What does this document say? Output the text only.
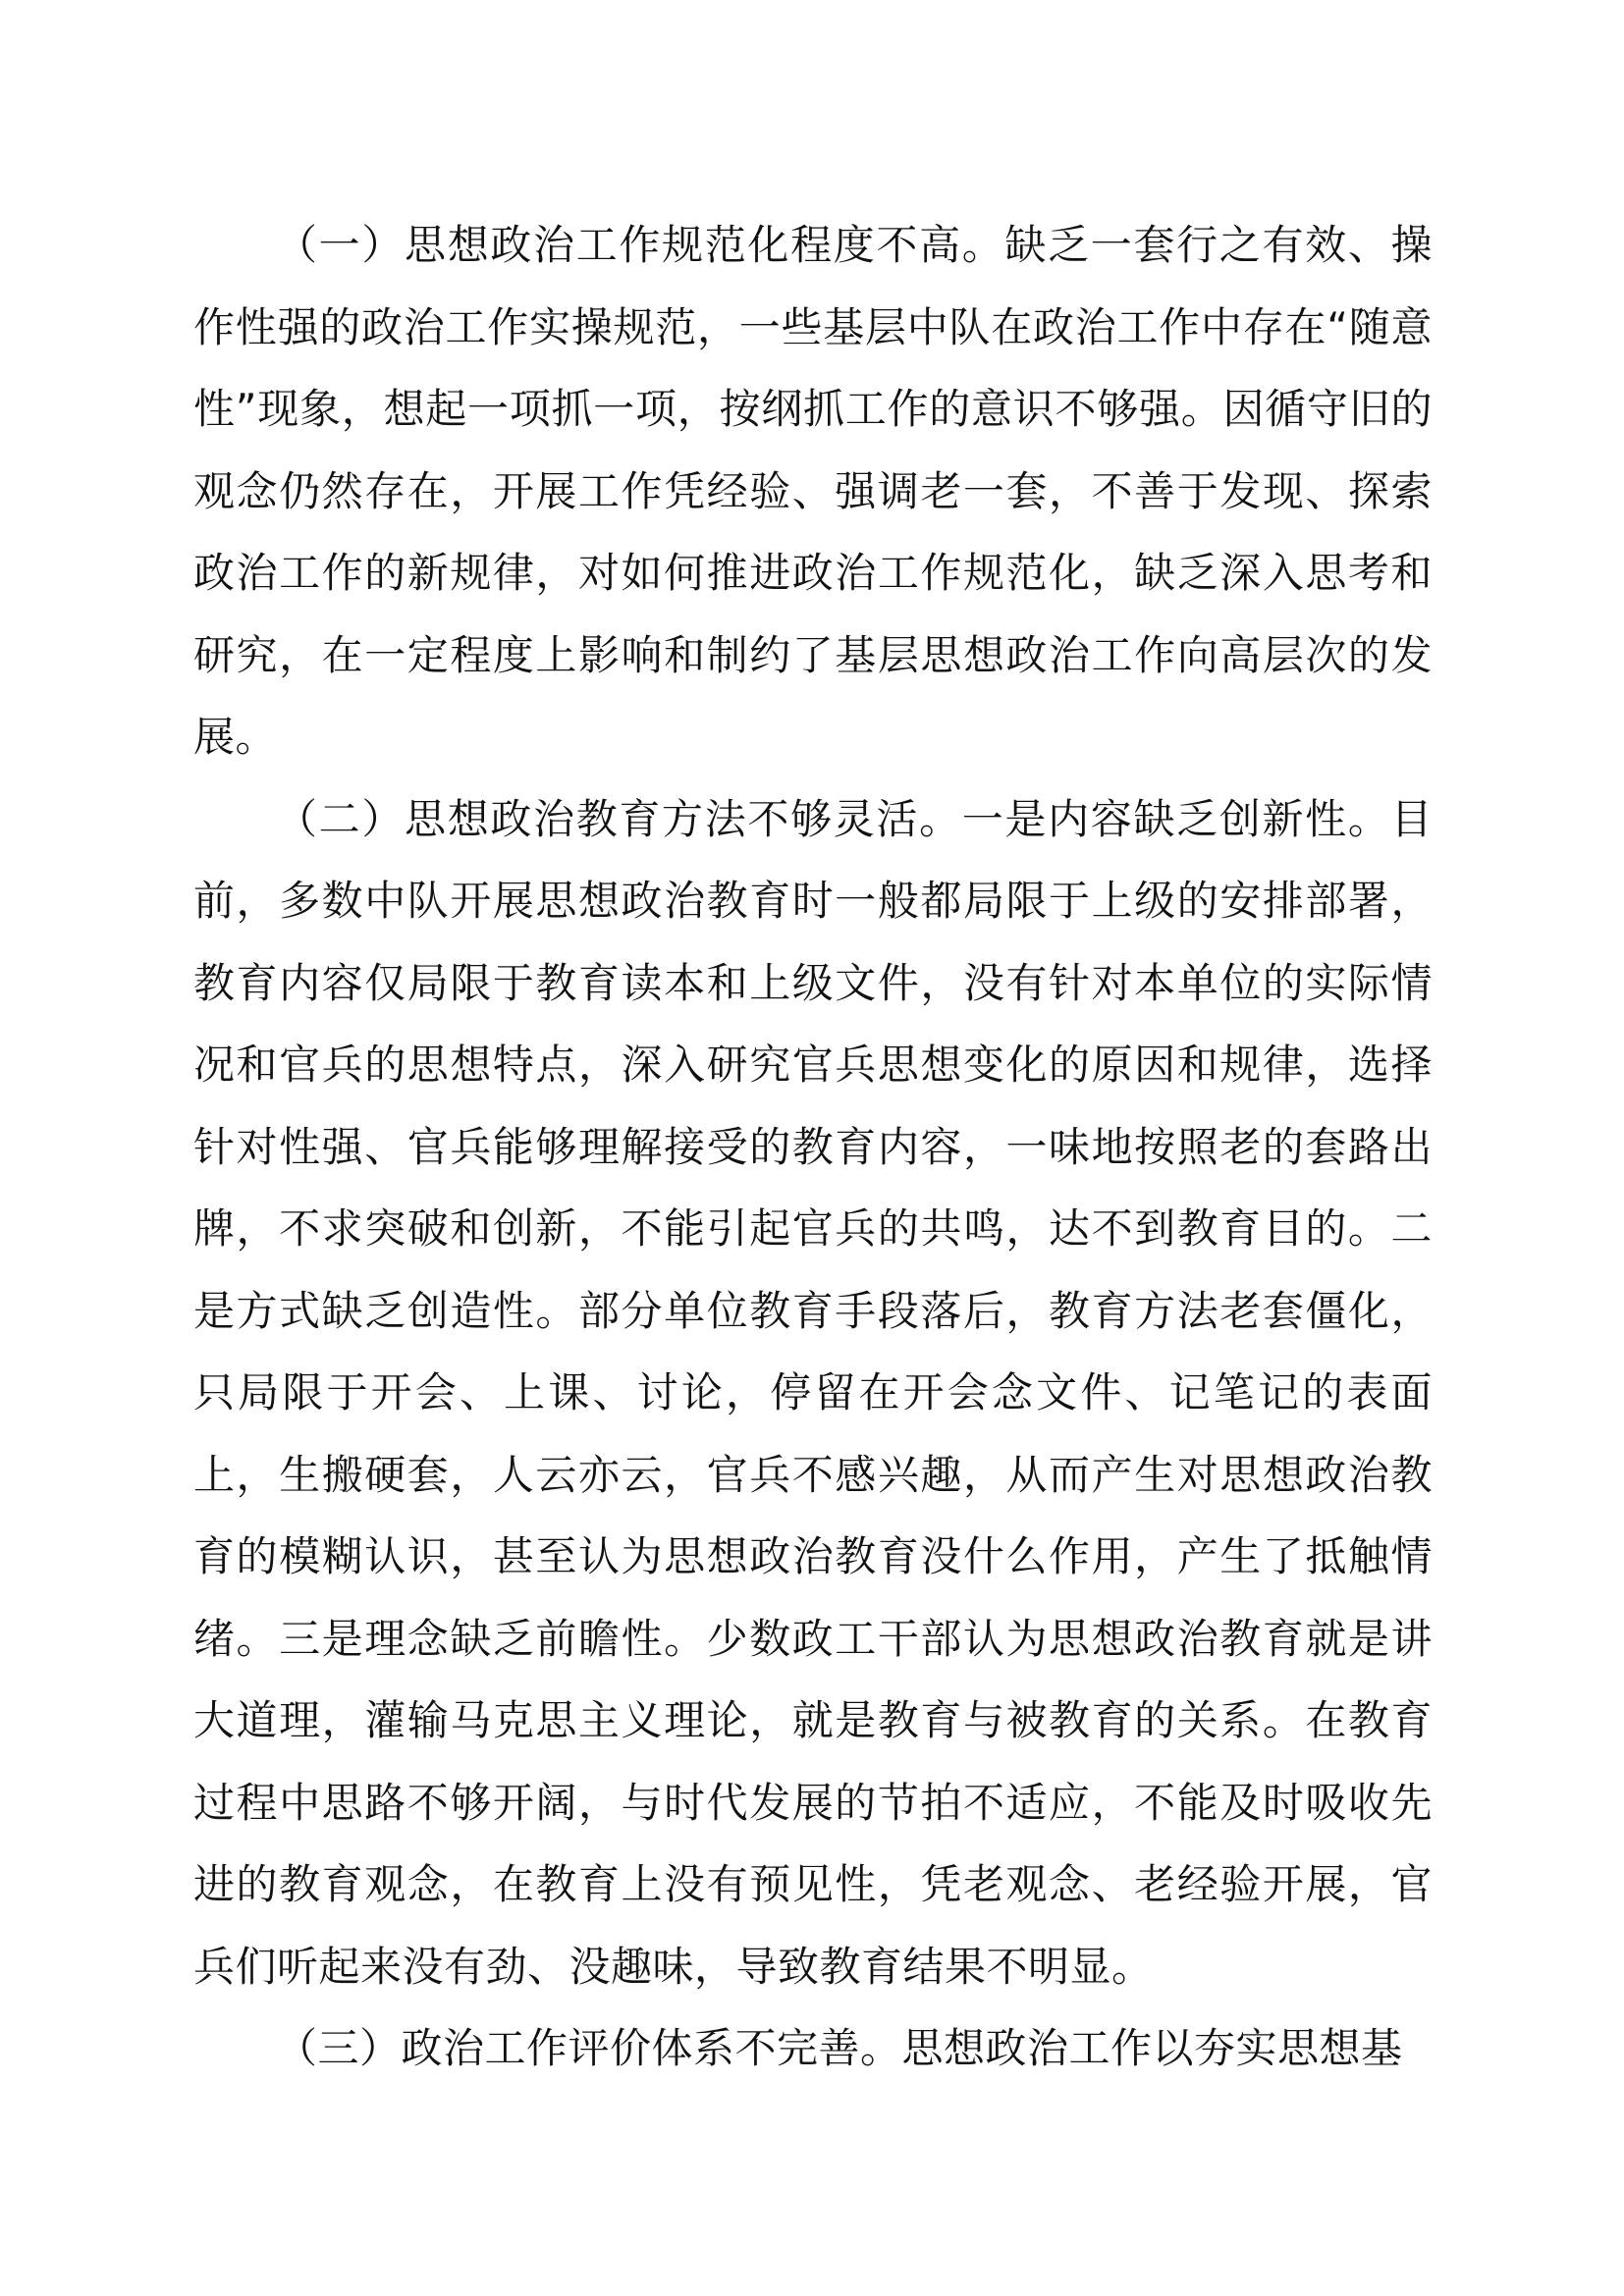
（一）思想政治工作规范化程度不高。缺乏一套行之有效、操作性强的政治工作实操规范，一些基层中队在政治工作中存在“随意性”现象，想起一项抓一项，按纲抓工作的意识不够强。因循守旧的观念仍然存在，开展工作凭经验、强调老一套，不善于发现、探索政治工作的新规律，对如何推进政治工作规范化，缺乏深入思考和研究，在一定程度上影响和制约了基层思想政治工作向高层次的发展。

（二）思想政治教育方法不够灵活。一是内容缺乏创新性。目前，多数中队开展思想政治教育时一般都局限于上级的安排部署，教育内容仅局限于教育读本和上级文件，没有针对本单位的实际情况和官兵的思想特点，深入研究官兵思想变化的原因和规律，选择针对性强、官兵能够理解接受的教育内容，一味地按照老的套路出牌，不求突破和创新，不能引起官兵的共鸣，达不到教育目的。二是方式缺乏创造性。部分单位教育手段落后，教育方法老套僵化，只局限于开会、上课、讨论，停留在开会念文件、记笔记的表面上，生搬硬套，人云亦云，官兵不感兴趣，从而产生对思想政治教育的模糊认识，甚至认为思想政治教育没什么作用，产生了抵触情绪。三是理念缺乏前瞻性。少数政工干部认为思想政治教育就是讲大道理，灌输马克思主义理论，就是教育与被教育的关系。在教育过程中思路不够开阔，与时代发展的节拍不适应，不能及时吸收先进的教育观念，在教育上没有预见性，凭老观念、老经验开展，官兵们听起来没有劲、没趣味，导致教育结果不明显。

（三）政治工作评价体系不完善。思想政治工作以夯实思想基
